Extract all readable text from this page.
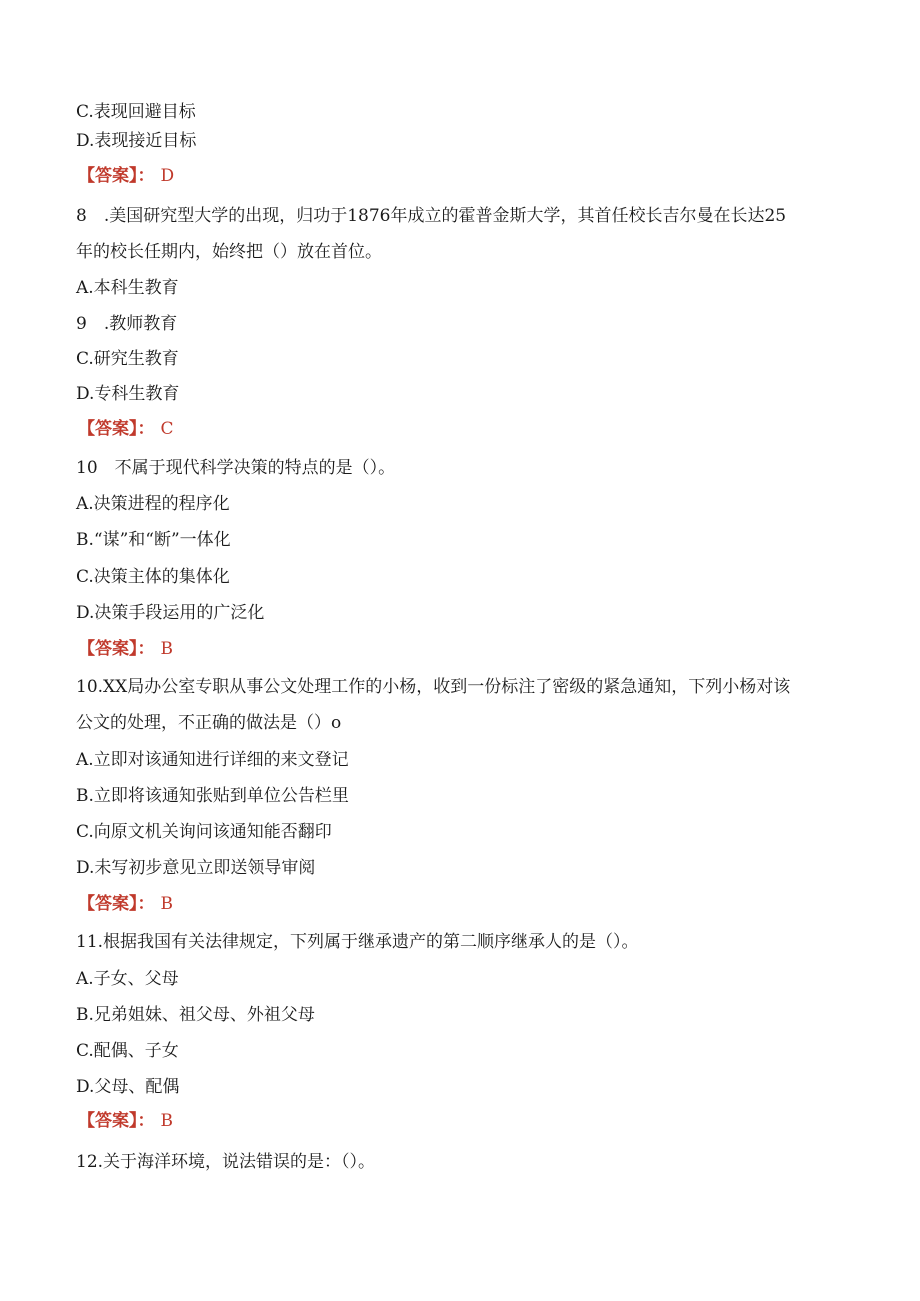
C.表现回避目标
D.表现接近目标
【答案】： D
8　.美国研究型大学的出现，归功于1876年成立的霍普金斯大学，其首任校长吉尔曼在长达25
年的校长任期内，始终把（）放在首位。
A.本科生教育
9　.教师教育
C.研究生教育
D.专科生教育
【答案】： C
10　不属于现代科学决策的特点的是（）。
A.决策进程的程序化
B.“谋”和“断”一体化
C.决策主体的集体化
D.决策手段运用的广泛化
【答案】： B
10.XX局办公室专职从事公文处理工作的小杨，收到一份标注了密级的紧急通知，下列小杨对该
公文的处理，不正确的做法是（）o
A.立即对该通知进行详细的来文登记
B.立即将该通知张贴到单位公告栏里
C.向原文机关询问该通知能否翻印
D.未写初步意见立即送领导审阅
【答案】： B
11.根据我国有关法律规定，下列属于继承遗产的第二顺序继承人的是（）。
A.子女、父母
B.兄弟姐妹、祖父母、外祖父母
C.配偶、子女
D.父母、配偶
【答案】： B
12.关于海洋环境，说法错误的是：（）。
